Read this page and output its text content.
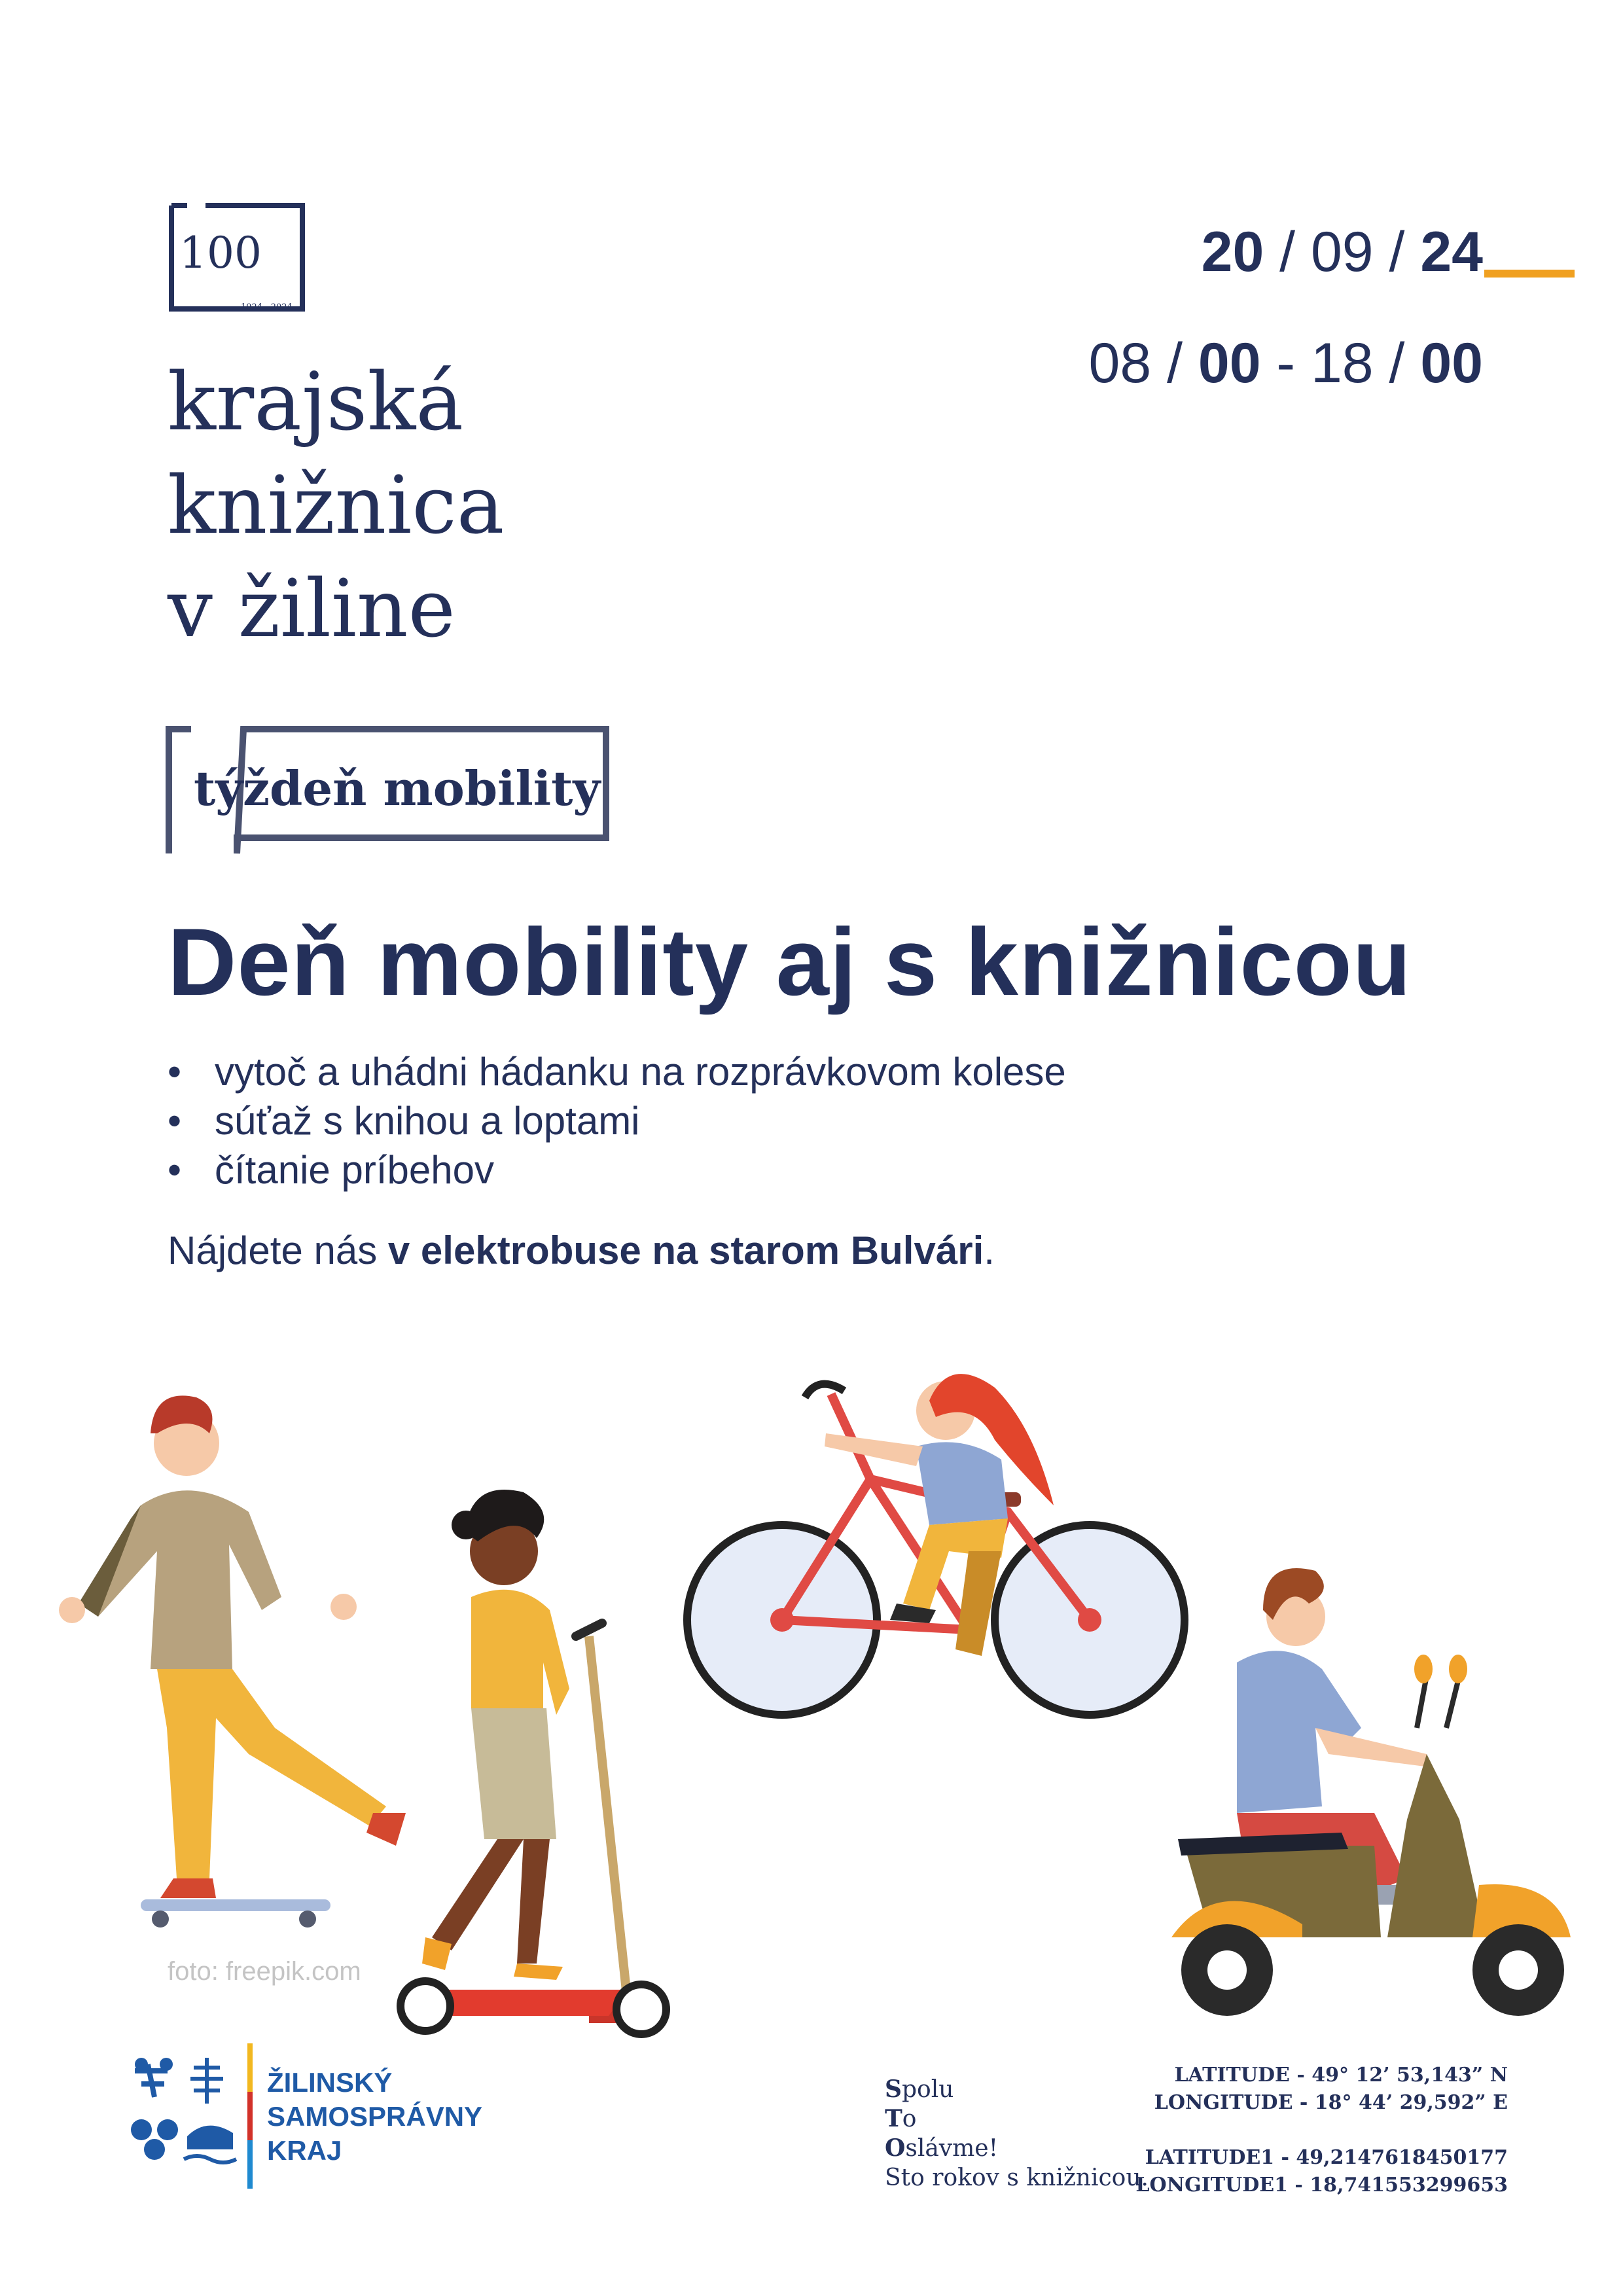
100
1924 - 2024
krajská
knižnica
v žiline
20 / 09 / 24
08 / 00 - 18 / 00
týždeň mobility
Deň mobility aj s knižnicou
• vytoč a uhádni hádanku na rozprávkovom kolese
• súťaž s knihou a loptami
• čítanie príbehov
Nájdete nás v elektrobuse na starom Bulvári.
foto: freepik.com
ŽILINSKÝ
SAMOSPRÁVNY
KRAJ
Spolu
To
Oslávme!
Sto rokov s knižnicou.
LATITUDE - 49° 12’ 53,143” N
LONGITUDE - 18° 44’ 29,592” E
LATITUDE1 - 49,2147618450177
LONGITUDE1 - 18,741553299653
